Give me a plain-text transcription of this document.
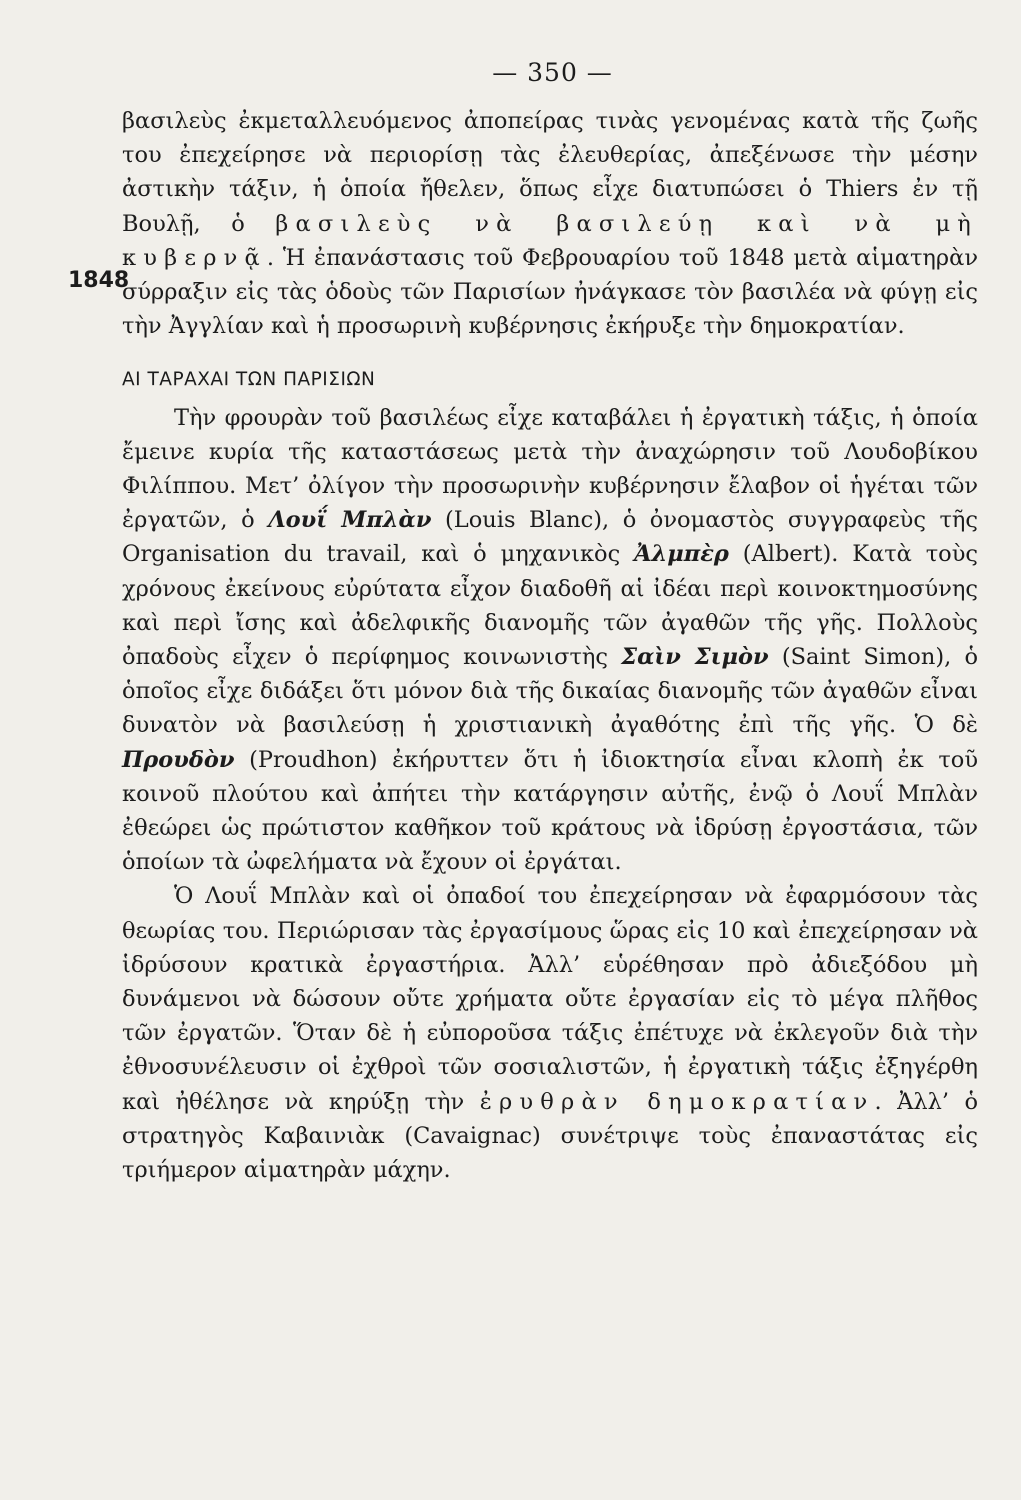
— 350 —
1848

βασιλεὺς ἐκμεταλλευόμενος ἀποπείρας τινὰς γενομένας κατὰ τῆς ζωῆς του ἐπεχείρησε νὰ περιορίσῃ τὰς ἐλευθερίας, ἀπεξένωσε τὴν μέσην ἀστικὴν τάξιν, ἡ ὁποία ἤθελεν, ὅπως εἶχε διατυπώσει ὁ Thiers ἐν τῇ Βουλῇ, ὁ βασιλεὺς νὰ βασιλεύῃ καὶ νὰ μὴ κυβερνᾷ. Ἡ ἐπανάστασις τοῦ Φεβρουαρίου τοῦ 1848 μετὰ αἱματηρὰν σύρραξιν εἰς τὰς ὁδοὺς τῶν Παρισίων ἠνάγκασε τὸν βασιλέα νὰ φύγῃ εἰς τὴν Ἀγγλίαν καὶ ἡ προσωρινὴ κυβέρνησις ἐκήρυξε τὴν δημοκρατίαν.

ΑΙ ΤΑΡΑΧΑΙ ΤΩΝ ΠΑΡΙΣΙΩΝ

Τὴν φρουρὰν τοῦ βασιλέως εἶχε καταβάλει ἡ ἐργατικὴ τάξις, ἡ ὁποία ἔμεινε κυρία τῆς καταστάσεως μετὰ τὴν ἀναχώρησιν τοῦ Λουδοβίκου Φιλίππου. Μετ’ ὀλίγον τὴν προσωρινὴν κυβέρνησιν ἔλαβον οἱ ἡγέται τῶν ἐργατῶν, ὁ Λουΐ Μπλὰν (Louis Blanc), ὁ ὀνομαστὸς συγγραφεὺς τῆς Organisation du travail, καὶ ὁ μηχανικὸς Ἀλμπὲρ (Albert). Κατὰ τοὺς χρόνους ἐκείνους εὐρύτατα εἶχον διαδοθῆ αἱ ἰδέαι περὶ κοινοκτημοσύνης καὶ περὶ ἴσης καὶ ἀδελφικῆς διανομῆς τῶν ἀγαθῶν τῆς γῆς. Πολλοὺς ὀπαδοὺς εἶχεν ὁ περίφημος κοινωνιστὴς Σαὶν Σιμὸν (Saint Simon), ὁ ὁποῖος εἶχε διδάξει ὅτι μόνον διὰ τῆς δικαίας διανομῆς τῶν ἀγαθῶν εἶναι δυνατὸν νὰ βασιλεύσῃ ἡ χριστιανικὴ ἀγαθότης ἐπὶ τῆς γῆς. Ὁ δὲ Προυδὸν (Proudhon) ἐκήρυττεν ὅτι ἡ ἰδιοκτησία εἶναι κλοπὴ ἐκ τοῦ κοινοῦ πλούτου καὶ ἀπήτει τὴν κατάργησιν αὐτῆς, ἐνῷ ὁ Λουΐ Μπλὰν ἐθεώρει ὡς πρώτιστον καθῆκον τοῦ κράτους νὰ ἱδρύσῃ ἐργοστάσια, τῶν ὁποίων τὰ ὠφελήματα νὰ ἔχουν οἱ ἐργάται.

Ὁ Λουΐ Μπλὰν καὶ οἱ ὀπαδοί του ἐπεχείρησαν νὰ ἐφαρμόσουν τὰς θεωρίας του. Περιώρισαν τὰς ἐργασίμους ὥρας εἰς 10 καὶ ἐπεχείρησαν νὰ ἱδρύσουν κρατικὰ ἐργαστήρια. Ἀλλ’ εὑρέθησαν πρὸ ἀδιεξόδου μὴ δυνάμενοι νὰ δώσουν οὔτε χρήματα οὔτε ἐργασίαν εἰς τὸ μέγα πλῆθος τῶν ἐργατῶν. Ὅταν δὲ ἡ εὐποροῦσα τάξις ἐπέτυχε νὰ ἐκλεγοῦν διὰ τὴν ἐθνοσυνέλευσιν οἱ ἐχθροὶ τῶν σοσιαλιστῶν, ἡ ἐργατικὴ τάξις ἐξηγέρθη καὶ ἠθέλησε νὰ κηρύξῃ τὴν ἐρυθρὰν δημοκρατίαν. Ἀλλ’ ὁ στρατηγὸς Καβαινιὰκ (Cavaignac) συνέτριψε τοὺς ἐπαναστάτας εἰς τριήμερον αἱματηρὰν μάχην.
